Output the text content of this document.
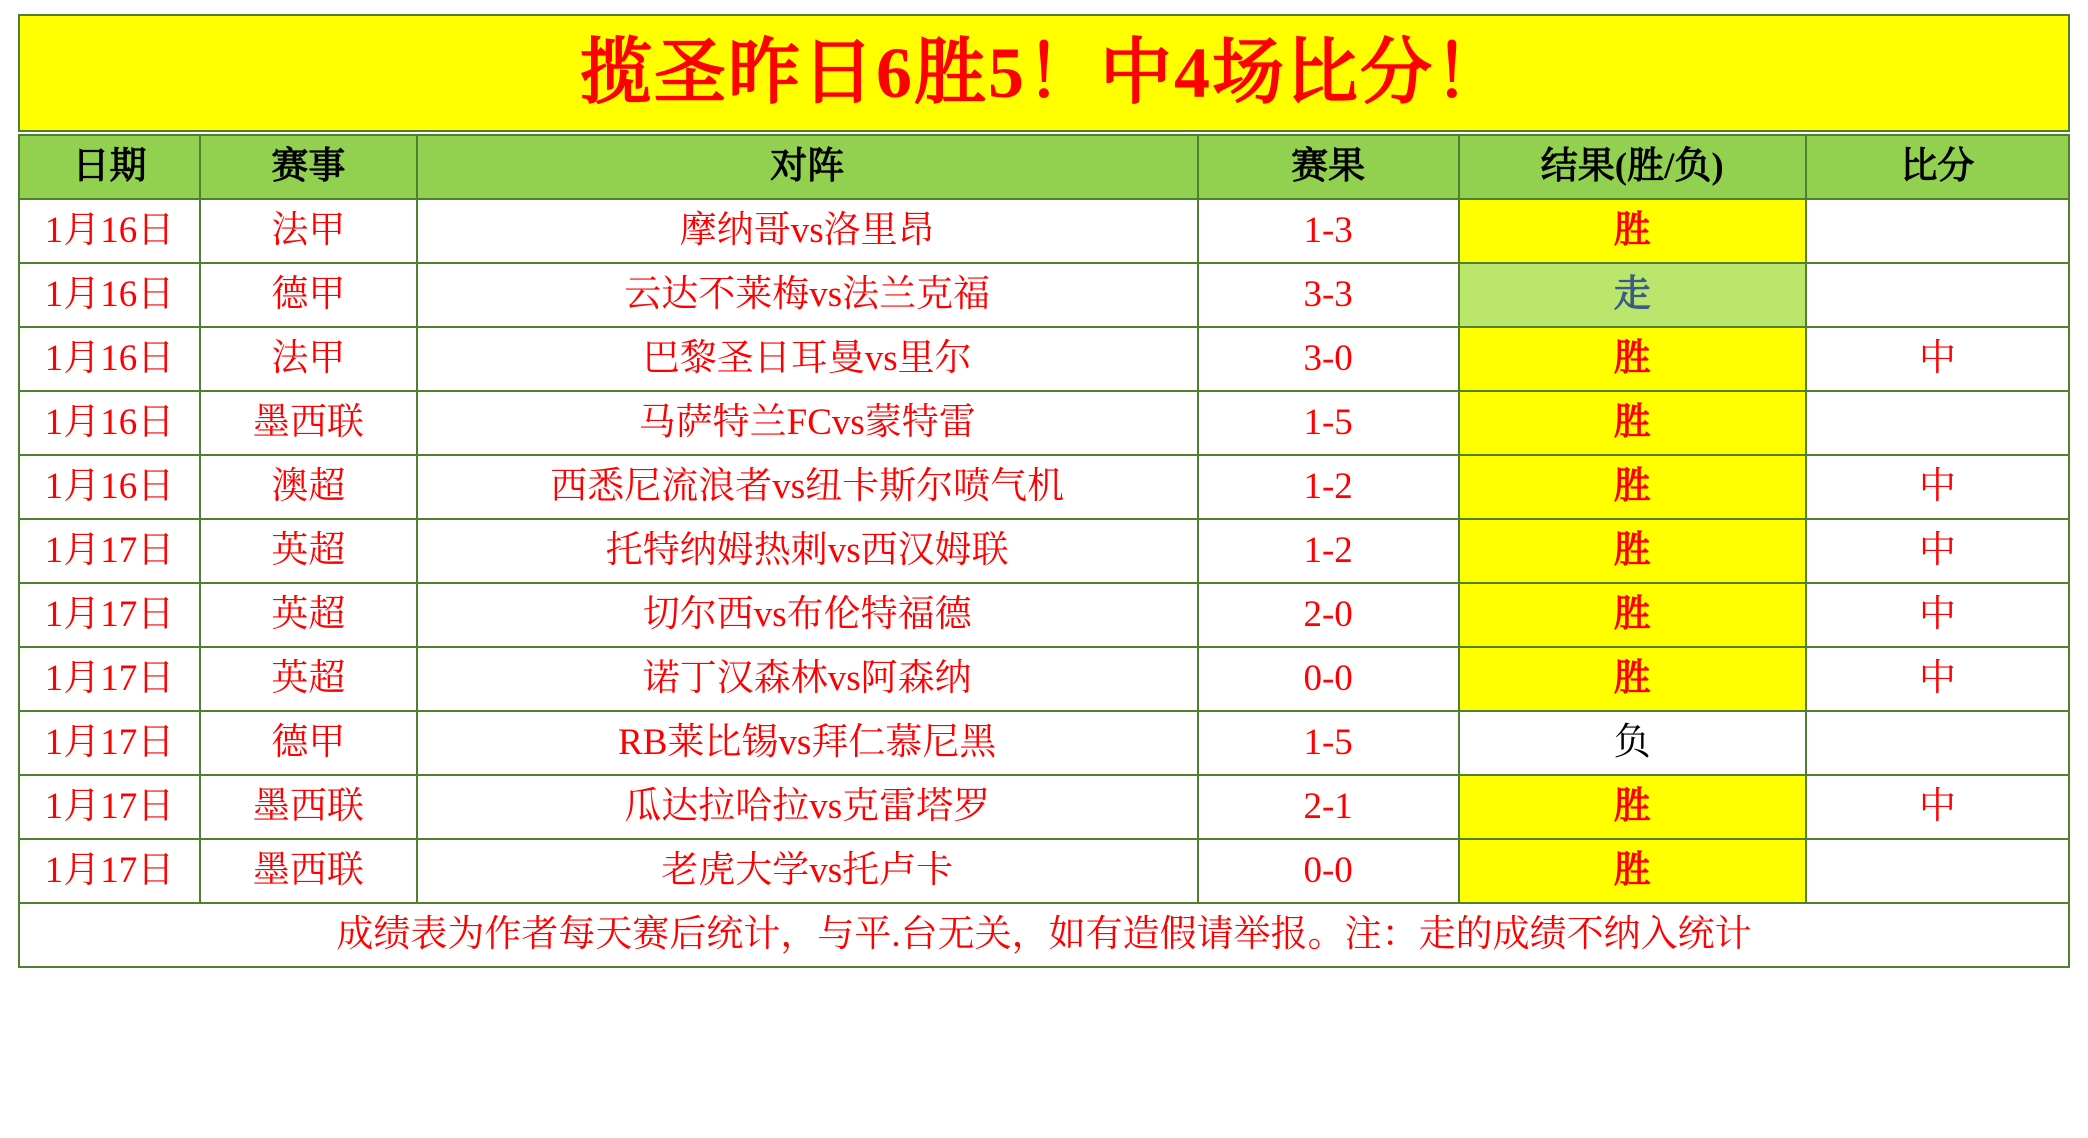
揽圣昨日6胜5！中4场比分！
日期	赛事	对阵	赛果	结果(胜/负)	比分
1月16日	法甲	摩纳哥vs洛里昂	1-3	胜	
1月16日	德甲	云达不莱梅vs法兰克福	3-3	走	
1月16日	法甲	巴黎圣日耳曼vs里尔	3-0	胜	中
1月16日	墨西联	马萨特兰FCvs蒙特雷	1-5	胜	
1月16日	澳超	西悉尼流浪者vs纽卡斯尔喷气机	1-2	胜	中
1月17日	英超	托特纳姆热刺vs西汉姆联	1-2	胜	中
1月17日	英超	切尔西vs布伦特福德	2-0	胜	中
1月17日	英超	诺丁汉森林vs阿森纳	0-0	胜	中
1月17日	德甲	RB莱比锡vs拜仁慕尼黑	1-5	负	
1月17日	墨西联	瓜达拉哈拉vs克雷塔罗	2-1	胜	中
1月17日	墨西联	老虎大学vs托卢卡	0-0	胜	
成绩表为作者每天赛后统计，与平.台无关，如有造假请举报。注：走的成绩不纳入统计					
